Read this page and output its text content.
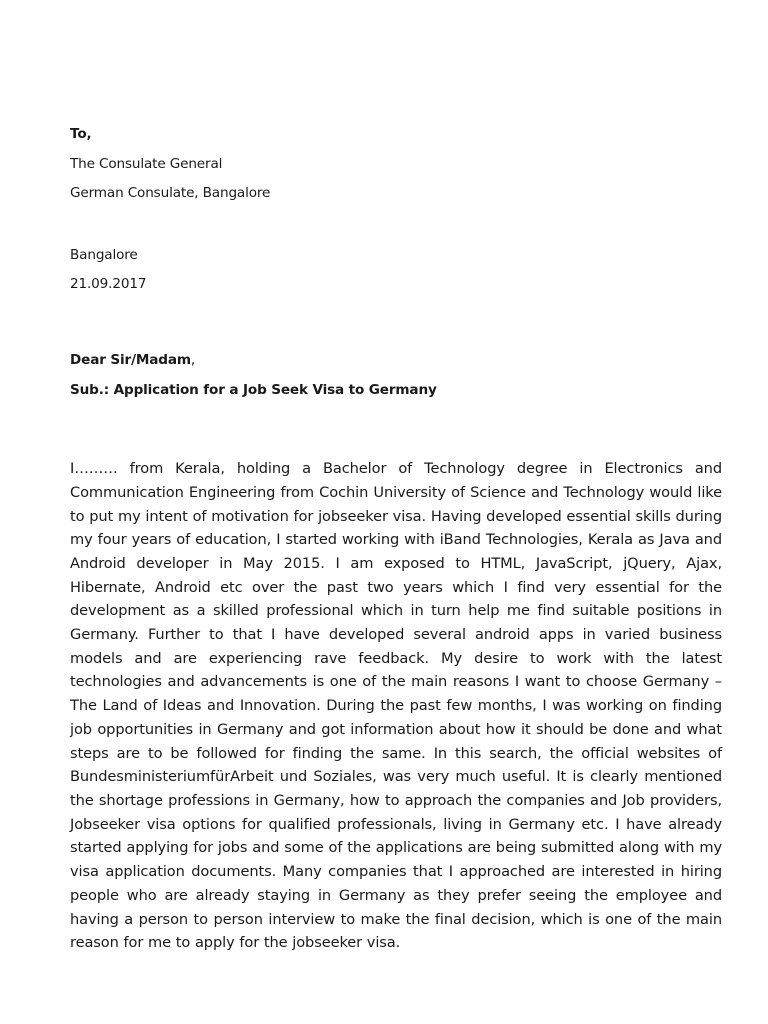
To,
The Consulate General
German Consulate, Bangalore
Bangalore
21.09.2017
Dear Sir/Madam,
Sub.: Application for a Job Seek Visa to Germany

I……… from Kerala, holding a Bachelor of Technology degree in Electronics and Communication Engineering from Cochin University of Science and Technology would like to put my intent of motivation for jobseeker visa. Having developed essential skills during my four years of education, I started working with iBand Technologies, Kerala as Java and Android developer in May 2015. I am exposed to HTML, JavaScript, jQuery, Ajax, Hibernate, Android etc over the past two years which I find very essential for the development as a skilled professional which in turn help me find suitable positions in Germany. Further to that I have developed several android apps in varied business models and are experiencing rave feedback. My desire to work with the latest technologies and advancements is one of the main reasons I want to choose Germany –The Land of Ideas and Innovation. During the past few months, I was working on finding job opportunities in Germany and got information about how it should be done and what steps are to be followed for finding the same. In this search, the official websites of BundesministeriumfürArbeit und Soziales, was very much useful. It is clearly mentioned the shortage professions in Germany, how to approach the companies and Job providers, Jobseeker visa options for qualified professionals, living in Germany etc. I have already started applying for jobs and some of the applications are being submitted along with my visa application documents. Many companies that I approached are interested in hiring people who are already staying in Germany as they prefer seeing the employee and having a person to person interview to make the final decision, which is one of the main reason for me to apply for the jobseeker visa.
